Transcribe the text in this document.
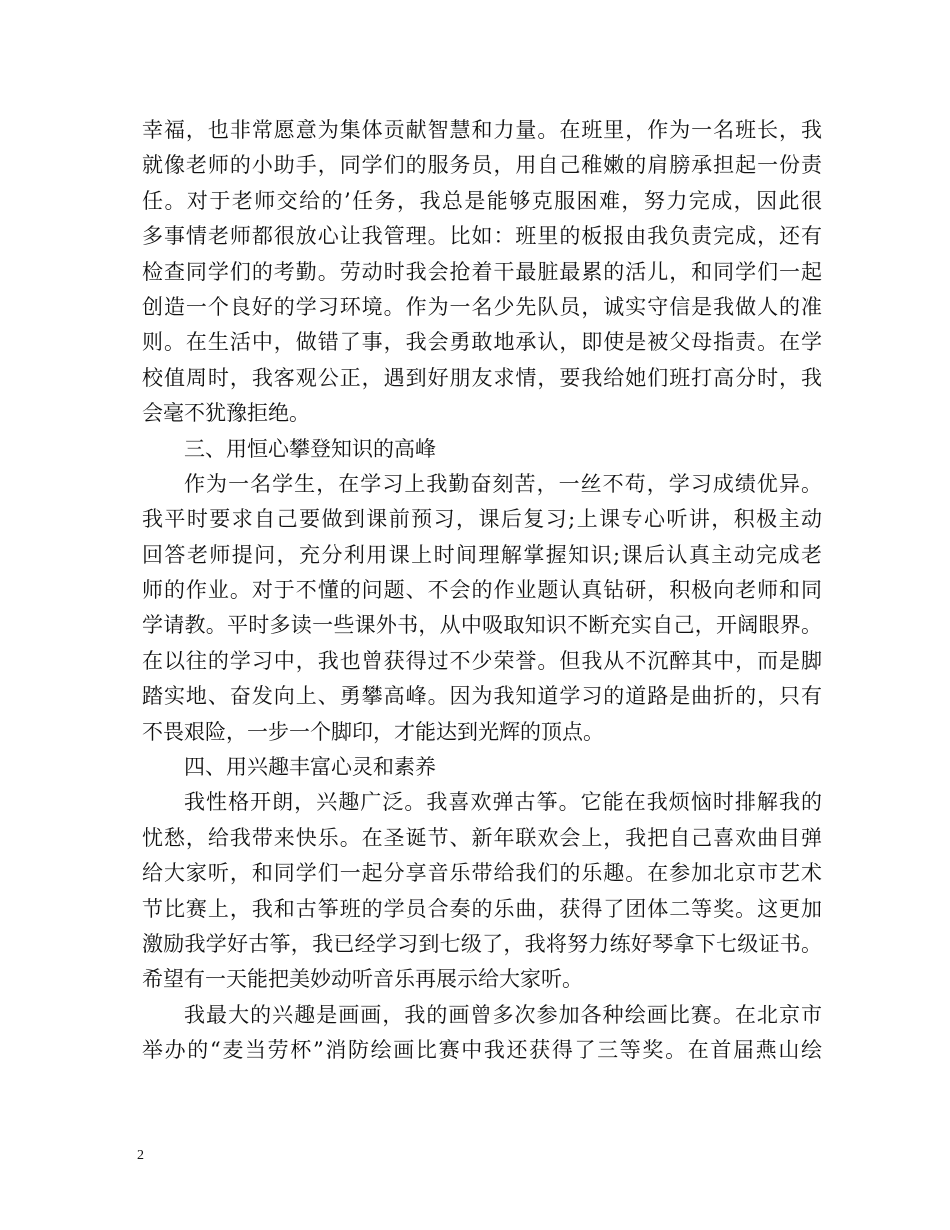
幸福，也非常愿意为集体贡献智慧和力量。在班里，作为一名班长，我
就像老师的小助手，同学们的服务员，用自己稚嫩的肩膀承担起一份责
任。对于老师交给的’任务，我总是能够克服困难，努力完成，因此很
多事情老师都很放心让我管理。比如：班里的板报由我负责完成，还有
检查同学们的考勤。劳动时我会抢着干最脏最累的活儿，和同学们一起
创造一个良好的学习环境。作为一名少先队员，诚实守信是我做人的准
则。在生活中，做错了事，我会勇敢地承认，即使是被父母指责。在学
校值周时，我客观公正，遇到好朋友求情，要我给她们班打高分时，我
会毫不犹豫拒绝。
三、用恒心攀登知识的高峰
作为一名学生，在学习上我勤奋刻苦，一丝不苟，学习成绩优异。
我平时要求自己要做到课前预习，课后复习;上课专心听讲，积极主动
回答老师提问，充分利用课上时间理解掌握知识;课后认真主动完成老
师的作业。对于不懂的问题、不会的作业题认真钻研，积极向老师和同
学请教。平时多读一些课外书，从中吸取知识不断充实自己，开阔眼界。
在以往的学习中，我也曾获得过不少荣誉。但我从不沉醉其中，而是脚
踏实地、奋发向上、勇攀高峰。因为我知道学习的道路是曲折的，只有
不畏艰险，一步一个脚印，才能达到光辉的顶点。
四、用兴趣丰富心灵和素养
我性格开朗，兴趣广泛。我喜欢弹古筝。它能在我烦恼时排解我的
忧愁，给我带来快乐。在圣诞节、新年联欢会上，我把自己喜欢曲目弹
给大家听，和同学们一起分享音乐带给我们的乐趣。在参加北京市艺术
节比赛上，我和古筝班的学员合奏的乐曲，获得了团体二等奖。这更加
激励我学好古筝，我已经学习到七级了，我将努力练好琴拿下七级证书。
希望有一天能把美妙动听音乐再展示给大家听。
我最大的兴趣是画画，我的画曾多次参加各种绘画比赛。在北京市
举办的“麦当劳杯”消防绘画比赛中我还获得了三等奖。在首届燕山绘
2
